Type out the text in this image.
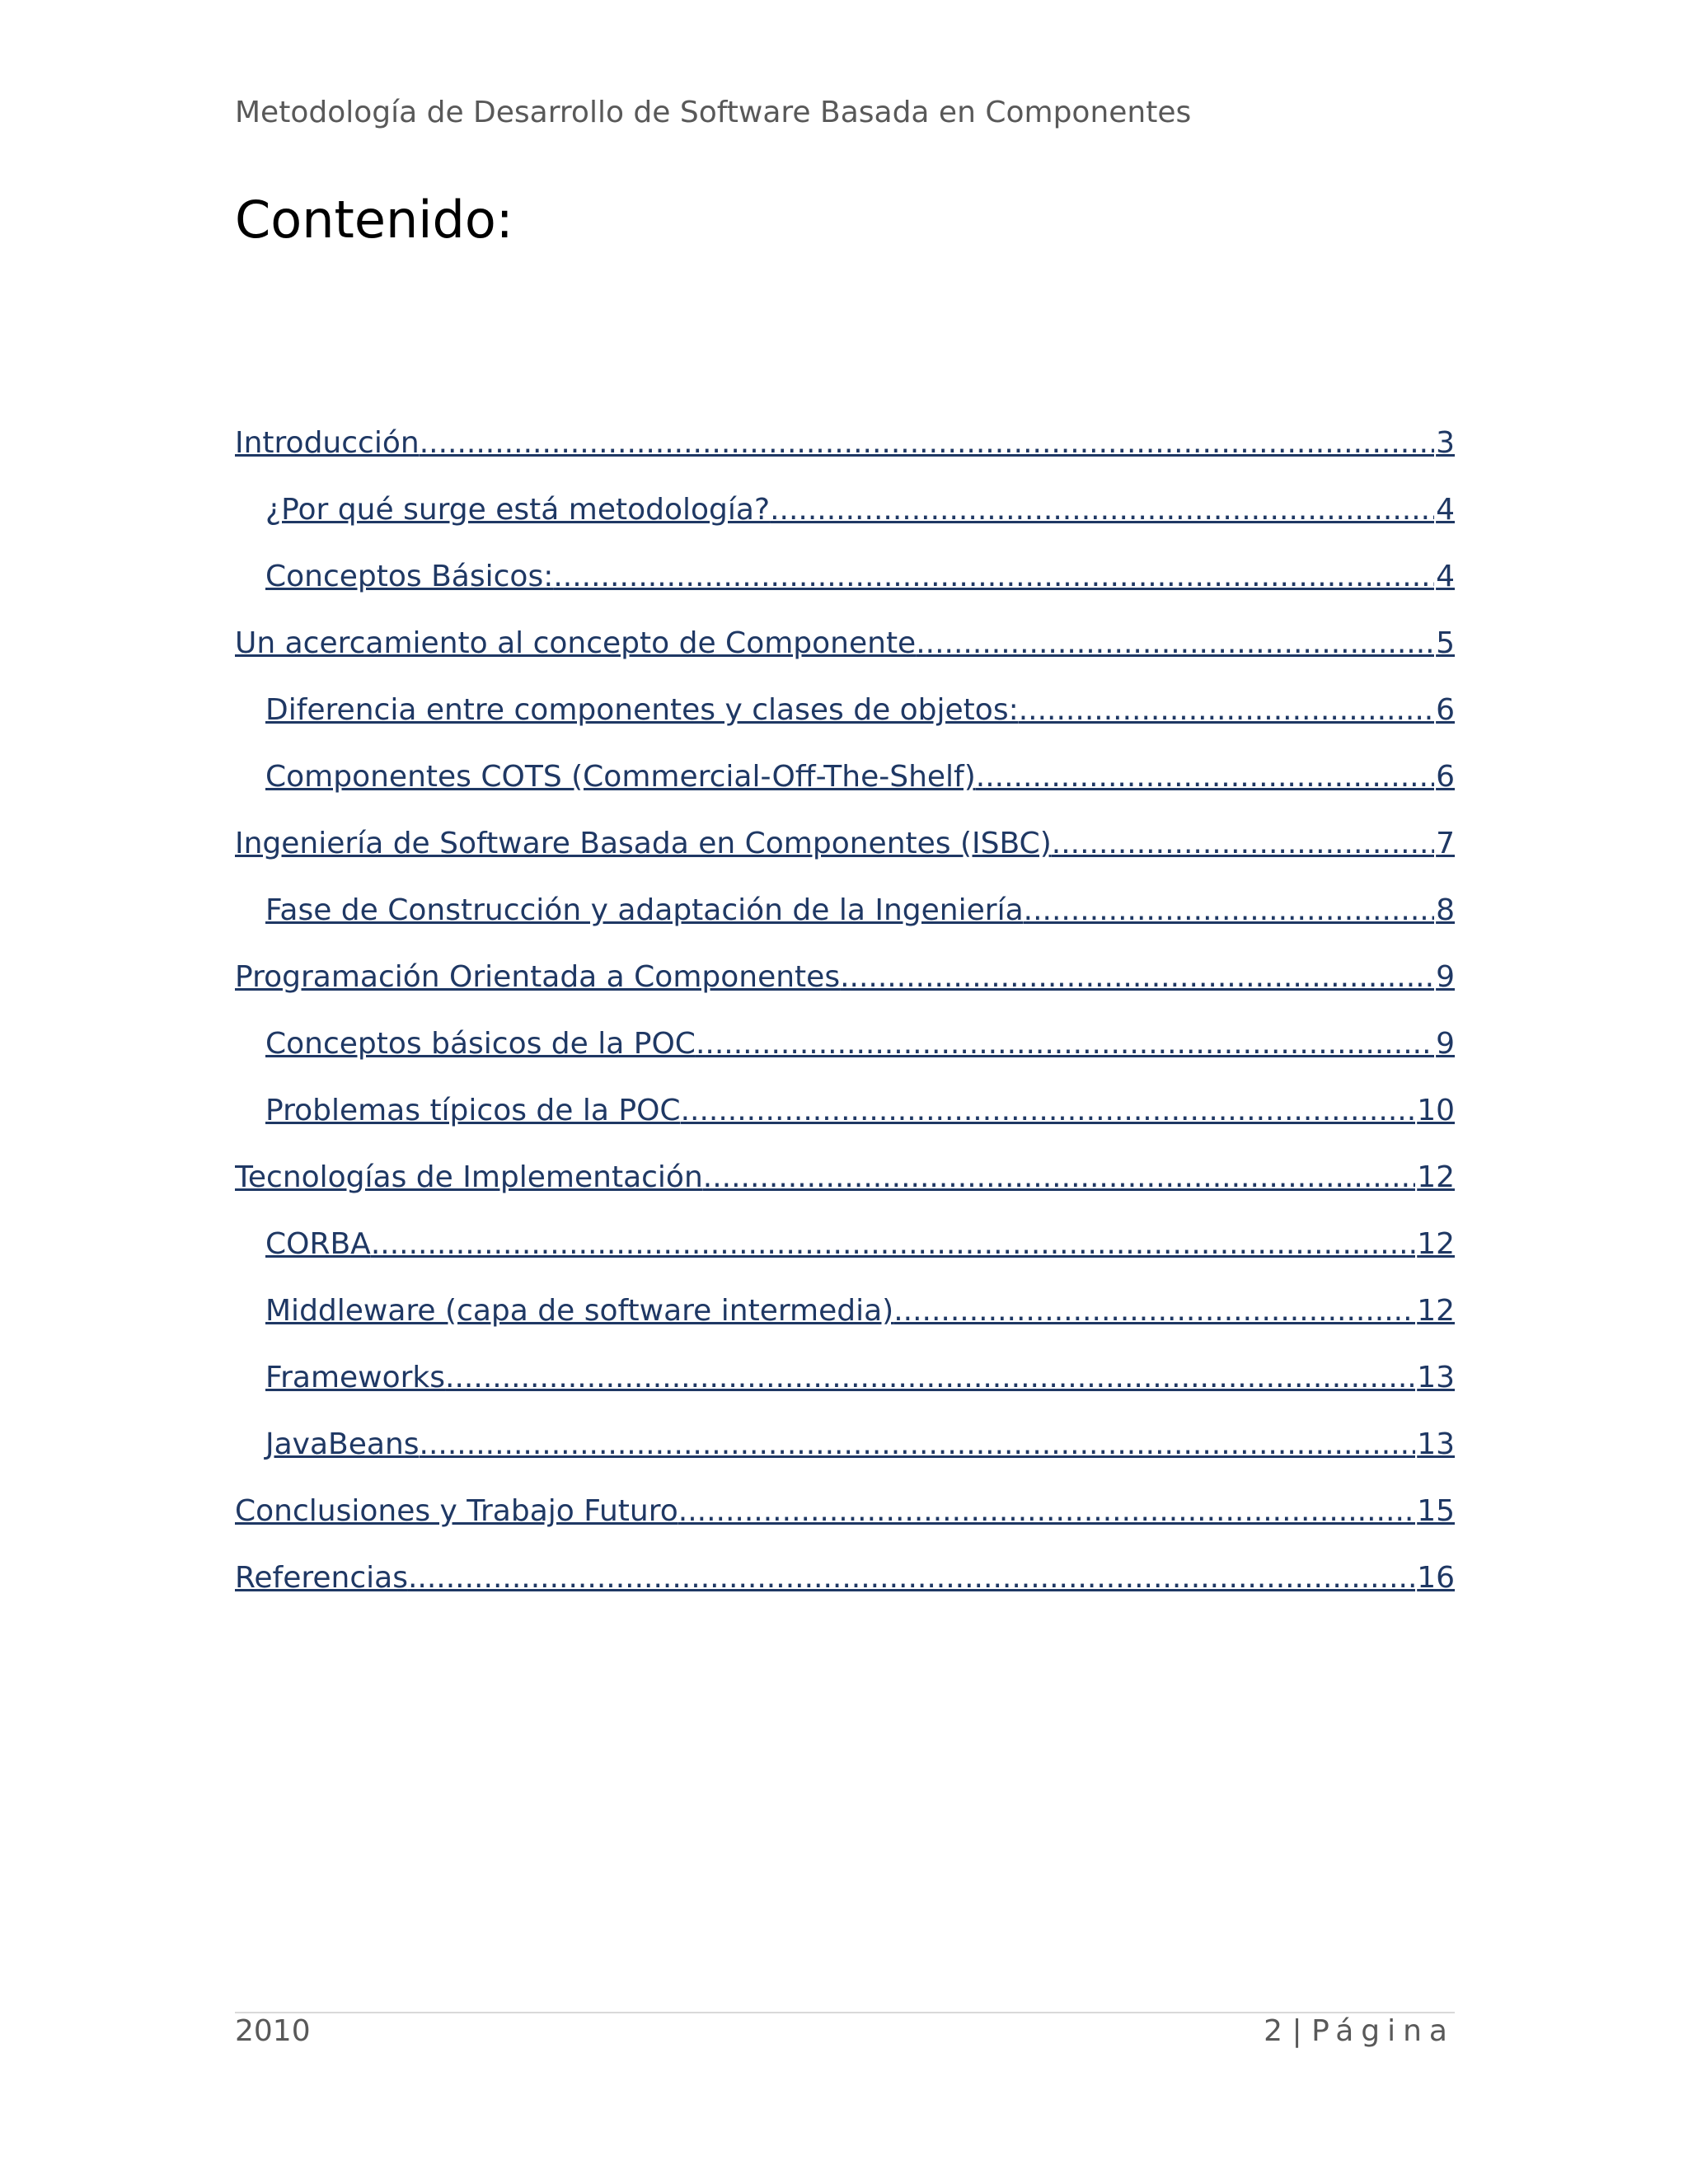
Metodología de Desarrollo de Software Basada en Componentes
Contenido:
Introducción .....	3
¿Por qué surge está metodología? .....	4
Conceptos Básicos: .....	4
Un acercamiento al concepto de Componente .....	5
Diferencia entre componentes y clases de objetos: .....	6
Componentes COTS (Commercial-Off-The-Shelf) .....	6
Ingeniería de Software Basada en Componentes (ISBC) .....	7
Fase de Construcción y adaptación de la Ingeniería .....	8
Programación Orientada a Componentes .....	9
Conceptos básicos de la POC .....	9
Problemas típicos de la POC .....	10
Tecnologías de Implementación .....	12
CORBA .....	12
Middleware (capa de software intermedia) .....	12
Frameworks .....	13
JavaBeans .....	13
Conclusiones y Trabajo Futuro .....	15
Referencias .....	16
2010	2 | Página
